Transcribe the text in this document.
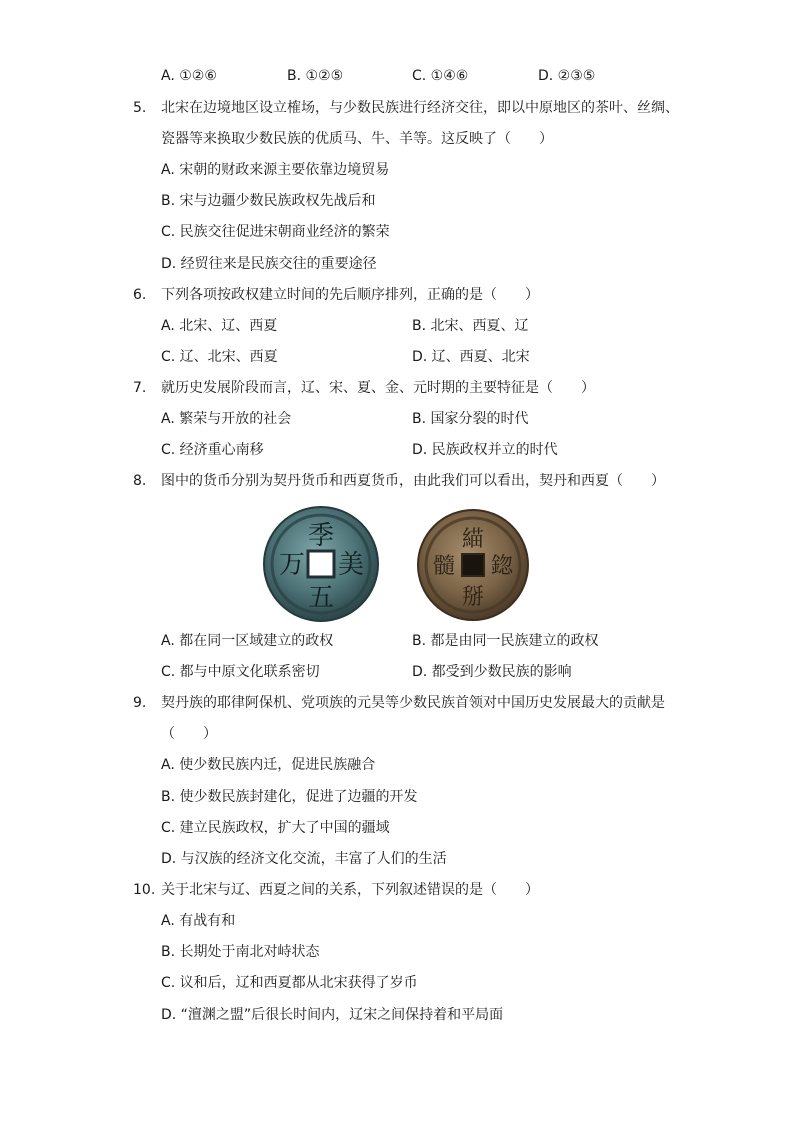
A. ①②⑥	B. ①②⑤	C. ①④⑥	D. ②③⑤
5. 北宋在边境地区设立榷场，与少数民族进行经济交往，即以中原地区的茶叶、丝绸、
瓷器等来换取少数民族的优质马、牛、羊等。这反映了（　　）
A. 宋朝的财政来源主要依靠边境贸易
B. 宋与边疆少数民族政权先战后和
C. 民族交往促进宋朝商业经济的繁荣
D. 经贸往来是民族交往的重要途径
6. 下列各项按政权建立时间的先后顺序排列，正确的是（　　）
A. 北宋、辽、西夏	B. 北宋、西夏、辽
C. 辽、北宋、西夏	D. 辽、西夏、北宋
7. 就历史发展阶段而言，辽、宋、夏、金、元时期的主要特征是（　　）
A. 繁荣与开放的社会	B. 国家分裂的时代
C. 经济重心南移	D. 民族政权并立的时代
8. 图中的货币分别为契丹货币和西夏货币，由此我们可以看出，契丹和西夏（　　）
季
美
五
万
緢
鍃
掰
髓
A. 都在同一区域建立的政权	B. 都是由同一民族建立的政权
C. 都与中原文化联系密切	D. 都受到少数民族的影响
9. 契丹族的耶律阿保机、党项族的元昊等少数民族首领对中国历史发展最大的贡献是
（　　）
A. 使少数民族内迁，促进民族融合
B. 使少数民族封建化，促进了边疆的开发
C. 建立民族政权，扩大了中国的疆域
D. 与汉族的经济文化交流，丰富了人们的生活
10. 关于北宋与辽、西夏之间的关系，下列叙述错误的是（　　）
A. 有战有和
B. 长期处于南北对峙状态
C. 议和后，辽和西夏都从北宋获得了岁币
D. “澶渊之盟”后很长时间内，辽宋之间保持着和平局面
